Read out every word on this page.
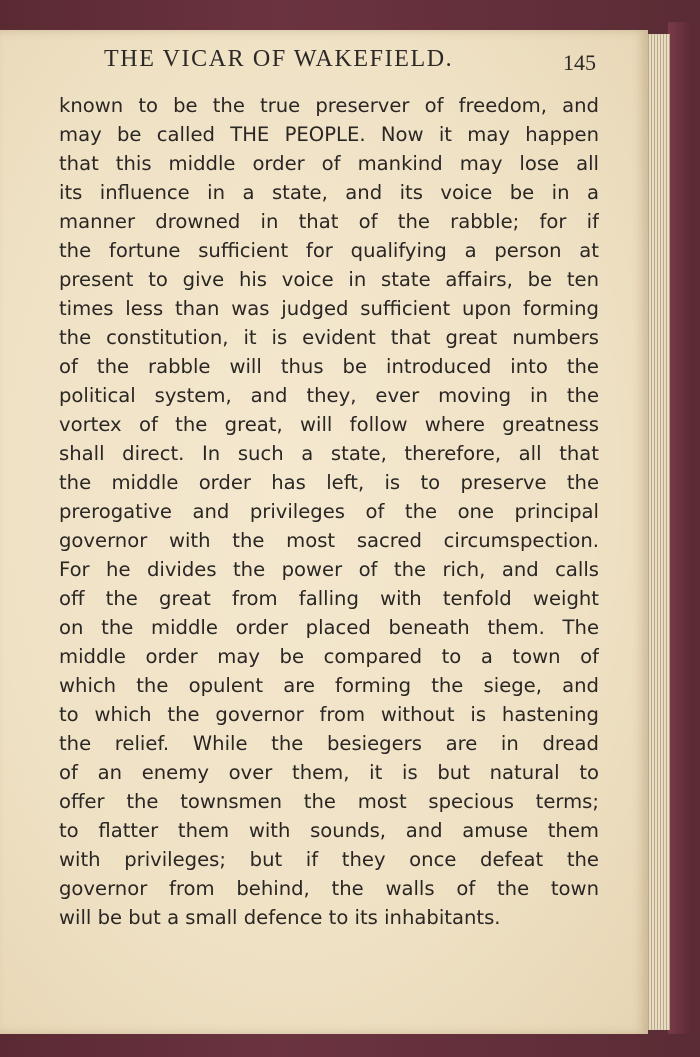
THE VICAR OF WAKEFIELD.	145
known to be the true preserver of freedom, and
may be called THE PEOPLE. Now it may happen
that this middle order of mankind may lose all
its influence in a state, and its voice be in a
manner drowned in that of the rabble; for if
the fortune sufficient for qualifying a person at
present to give his voice in state affairs, be ten
times less than was judged sufficient upon forming
the constitution, it is evident that great numbers
of the rabble will thus be introduced into the
political system, and they, ever moving in the
vortex of the great, will follow where greatness
shall direct. In such a state, therefore, all that
the middle order has left, is to preserve the
prerogative and privileges of the one principal
governor with the most sacred circumspection.
For he divides the power of the rich, and calls
off the great from falling with tenfold weight
on the middle order placed beneath them. The
middle order may be compared to a town of
which the opulent are forming the siege, and
to which the governor from without is hastening
the relief. While the besiegers are in dread
of an enemy over them, it is but natural to
offer the townsmen the most specious terms;
to flatter them with sounds, and amuse them
with privileges; but if they once defeat the
governor from behind, the walls of the town
will be but a small defence to its inhabitants.
